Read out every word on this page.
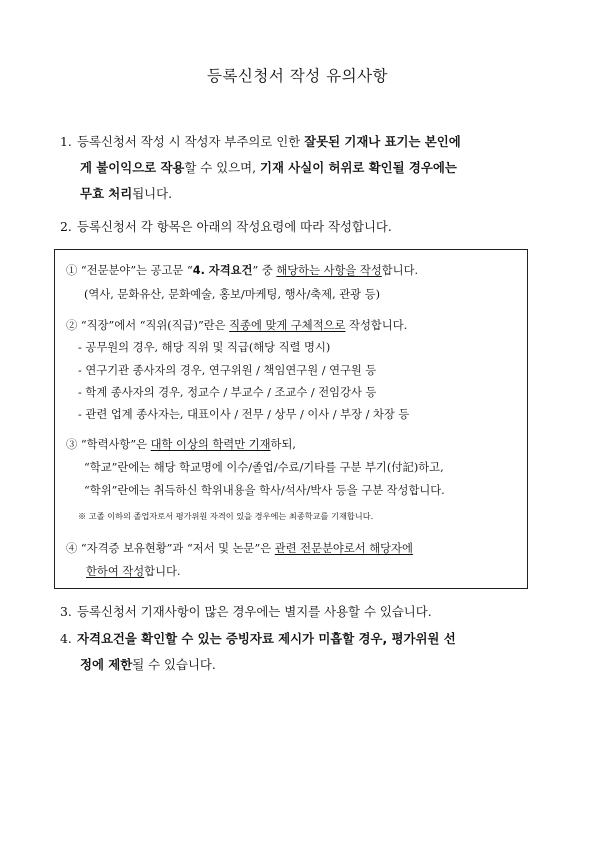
등록신청서 작성 유의사항
1. 등록신청서 작성 시 작성자 부주의로 인한 잘못된 기재나 표기는 본인에
게 불이익으로 작용할 수 있으며, 기재 사실이 허위로 확인될 경우에는
무효 처리됩니다.
2. 등록신청서 각 항목은 아래의 작성요령에 따라 작성합니다.
① “전문분야”는 공고문 “4. 자격요건” 중 해당하는 사항을 작성합니다.
(역사, 문화유산, 문화예술, 홍보/마케팅, 행사/축제, 관광 등)
② “직장”에서 “직위(직급)”란은 직종에 맞게 구체적으로 작성합니다.
- 공무원의 경우, 해당 직위 및 직급(해당 직렬 명시)
- 연구기관 종사자의 경우, 연구위원 / 책임연구원 / 연구원 등
- 학계 종사자의 경우, 정교수 / 부교수 / 조교수 / 전임강사 등
- 관련 업계 종사자는, 대표이사 / 전무 / 상무 / 이사 / 부장 / 차장 등
③ “학력사항”은 대학 이상의 학력만 기재하되,
“학교”란에는 해당 학교명에 이수/졸업/수료/기타를 구분 부기(付記)하고,
“학위”란에는 취득하신 학위내용을 학사/석사/박사 등을 구분 작성합니다.
※ 고졸 이하의 졸업자로서 평가위원 자격이 있을 경우에는 최종학교를 기재합니다.
④ “자격증 보유현황”과 “저서 및 논문”은 관련 전문분야로서 해당자에
한하여 작성합니다.
3. 등록신청서 기재사항이 많은 경우에는 별지를 사용할 수 있습니다.
4. 자격요건을 확인할 수 있는 증빙자료 제시가 미흡할 경우, 평가위원 선
정에 제한될 수 있습니다.
